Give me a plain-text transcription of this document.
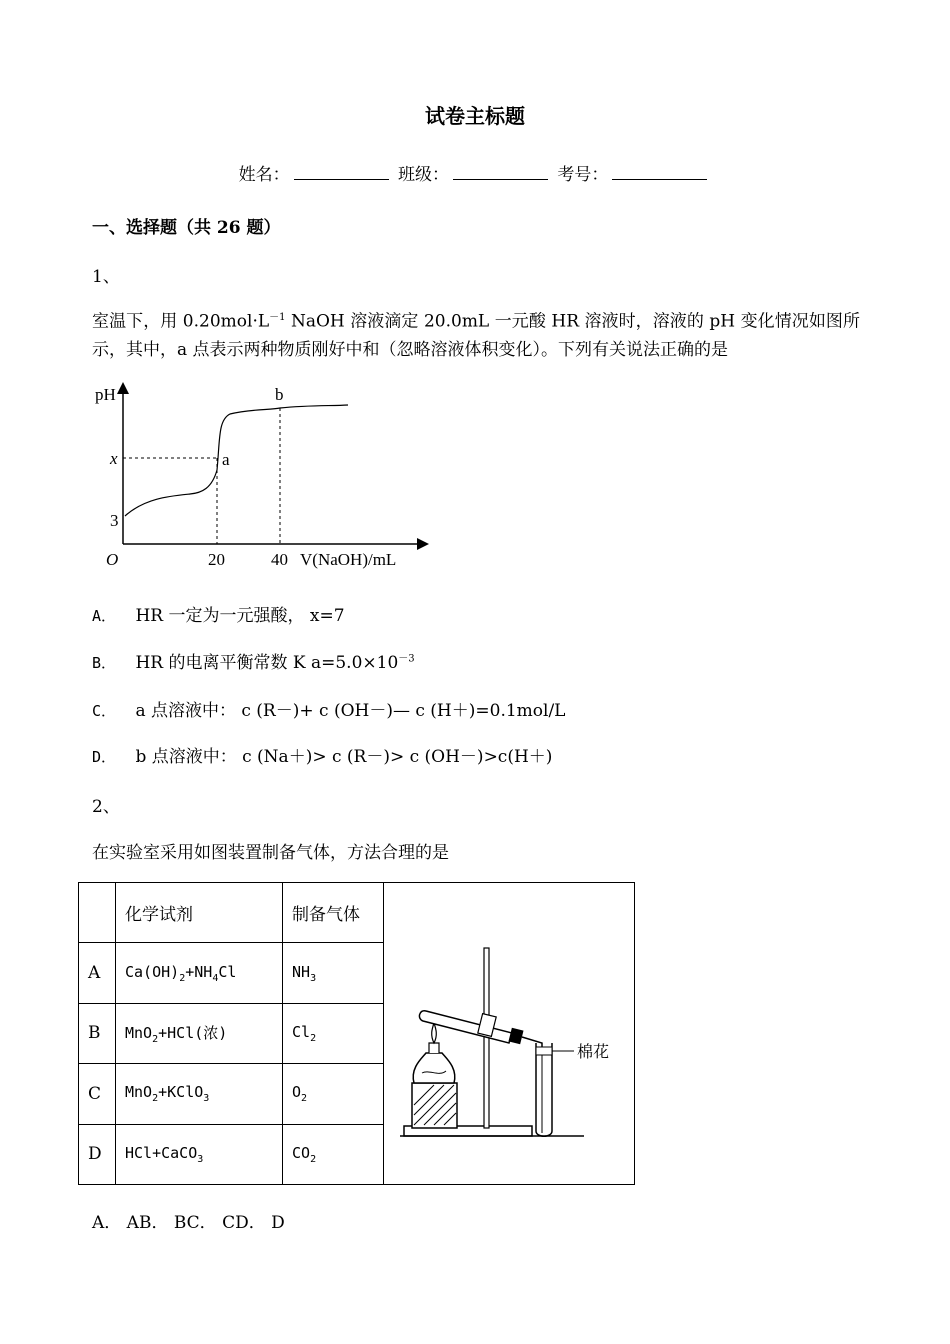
试卷主标题
姓名：	班级：	考号：
一、选择题（共 26 题）
1、
室温下，用 $0.20mol\cdot L^{-1}$ NaOH 溶液滴定 20.0mL 一元酸 HR 溶液时，溶液的 pH 变化情况如图所示，其中，a 点表示两种物质刚好中和（忽略溶液体积变化）。下列有关说法正确的是
pH
x
3
O	20	40 V(NaOH)/mL
a
b
A． HR 一定为一元强酸， x=7
B． HR 的电离平衡常数 K $a=5.0\times 10^{-3}$
C． a 点溶液中： c (R－)+ c (OH－)— c (H＋)=0.1mol/L
D． b 点溶液中： c (Na＋)> c (R－)> c (OH－)>c(H＋)
2、
在实验室采用如图装置制备气体，方法合理的是
	化学试剂	制备气体	棉花

A	$Ca(OH)_2+NH_4Cl$	$NH_3$
B	MnO$_2$+HCl(浓)	$Cl_2$
C	MnO$_2$+KClO$_3$	$O_2$
D	HCl+CaCO$_3$	$CO_2$
A． AB． BC． CD． D
